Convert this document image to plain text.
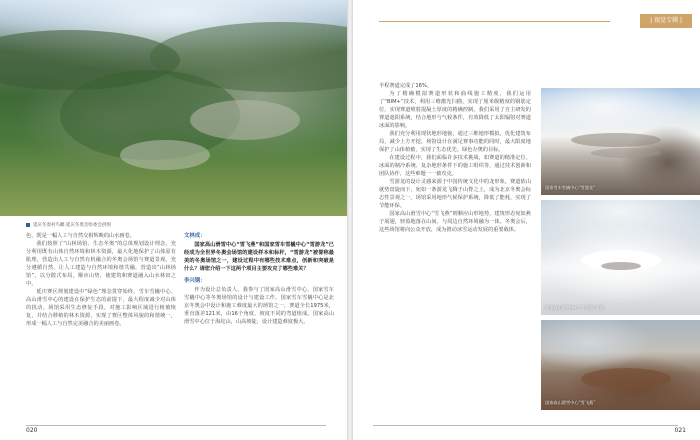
延庆冬奥村鸟瞰·延庆冬奥会组委会供图

色，既是一幅人工与自然交相辉映的山水画卷。

我们按照了“山林场馆、生态冬奥”的总体规划设计理念，充分利用既有山体自然环境和林木资源，最大化地保护了山体原有肌理，营造出人工与自然有机融合的冬奥会场馆与赛道景观。充分遵循自然、让人工建造与自然环境和谐共融，营造出“山林场馆”，以分散式布局，顺应山势，使建筑和赛道融入山水林田之中。

延庆赛区规划建设中“绿色”理念贯穿始终，雪车雪橇中心、高山滑雪中心的建设在保护生态的前提下，最大程度减少对山体的扰动。场馆采用生态修复手段，对施工影响区域进行植被恢复，并结合移植的林木资源，实现了赛区整体风貌的和谐统一，形成一幅人工与自然完美融合的美丽画卷。

文林成：

国家高山滑雪中心“雪飞燕”和国家雪车雪橇中心“雪游龙”已经成为全世界冬奥会场馆的建设样本和标杆，“雪游龙”被誉称最美的冬奥场馆之一，建设过程中有哪些技术难点，创新和突破是什么？请您介绍一下这两个项目主要攻克了哪些难关？

李兴钢：

作为设计总负责人，我参与了国家高山滑雪中心、国家雪车雪橇中心等冬奥场馆的设计与建设工作。国家雪车雪橇中心是北京冬奥会中设计和施工难度最大的场馆之一，赛道全长1975米，垂直落差121米，由16个角度、坡度不同的弯道组成。国家高山滑雪中心位于海坨山，山高坡陡，设计建造难度极大。

020
| 视觉专辑 |

半程赛道完成了16%。

为了精确模拟赛道形状和曲线施工精度，我们运用了“BIM+”技术，利用三维激光扫描，实现了厘米级精度的钢筋定位，实现赛道喷射混凝土厚度的精确控制。我们采用了自主研发的赛道遮阳系统，结合地形与气候条件，有效降低了太阳辐射对赛道冰面的影响。

我们充分利用现状地形地貌，通过三维地形模拟，优化建筑布局，减少土方开挖。场馆设计在满足赛事功能的同时，最大限度地保护了山体植被，实现了生态优先、绿色办奥的目标。

在建设过程中，我们面临许多技术挑战，如赛道的精准定位、冰面的制冷系统、复杂地形条件下的施工组织等，通过技术创新和团队协作，这些难题一一被攻克。

雪游龙的设计灵感来源于中国传统文化中的龙形象，赛道依山就势盘旋而下，宛如一条游龙飞腾于山脊之上，成为北京冬奥会标志性景观之一。场馆采用地形气候保护系统，降低了能耗，实现了节能环保。

国家高山滑雪中心“雪飞燕”则顺应山形地势，建筑形态宛如燕子展翅，轻盈地落在山间，与周边自然环境融为一体。冬奥会后，这些场馆将向公众开放，成为推动冰雪运动发展的重要载体。

国家雪车雪橇中心“雪游龙”
国家高山滑雪中心“雪飞燕”全景
国家高山滑雪中心“雪飞燕”
021
